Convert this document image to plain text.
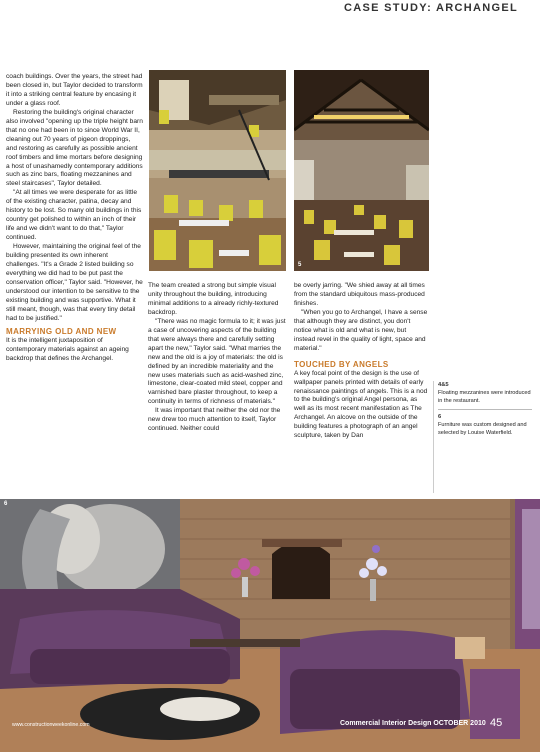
CASE STUDY: ARCHANGEL

coach buildings. Over the years, the street had been closed in, but Taylor decided to transform it into a striking central feature by encasing it under a glass roof.

Restoring the building's original character also involved "opening up the triple height barn that no one had been in to since World War II, cleaning out 70 years of pigeon droppings, and restoring as carefully as possible ancient roof timbers and lime mortars before designing a host of unashamedly contemporary additions such as zinc bars, floating mezzanines and steel staircases", Taylor detailed.

"At all times we were desperate for as little of the existing character, patina, decay and history to be lost. So many old buildings in this country get polished to within an inch of their life and we didn't want to do that," Taylor continued.

However, maintaining the original feel of the building presented its own inherent challenges. "It's a Grade 2 listed building so everything we did had to be put past the conservation officer," Taylor said. "However, he understood our intention to be sensitive to the existing building and was supportive. What it still meant, though, was that every tiny detail had to be justified."

MARRYING OLD AND NEW

It is the intelligent juxtaposition of contemporary materials against an ageing backdrop that defines the Archangel.

5

The team created a strong but simple visual unity throughout the building, introducing minimal additions to a already richly-textured backdrop.

"There was no magic formula to it; it was just a case of uncovering aspects of the building that were always there and carefully setting apart the new," Taylor said. "What marries the new and the old is a joy of materials: the old is defined by an incredible materiality and the new uses materials such as acid-washed zinc, limestone, clear-coated mild steel, copper and varnished bare plaster throughout, to keep a continuity in terms of richness of materials."

It was important that neither the old nor the new drew too much attention to itself, Taylor continued. Neither could

be overly jarring. "We shied away at all times from the standard ubiquitous mass-produced finishes.

"When you go to Archangel, I have a sense that although they are distinct, you don't notice what is old and what is new, but instead revel in the quality of light, space and material."

TOUCHED BY ANGELS

A key focal point of the design is the use of wallpaper panels printed with details of early renaissance paintings of angels. This is a nod to the building's original Angel persona, as well as its most recent manifestation as The Archangel. An alcove on the outside of the building features a photograph of an angel sculpture, taken by Dan

4&5
Floating mezzanines were introduced in the restaurant.
6
Furniture was custom designed and selected by Louise Waterfield.
6
www.constructionweekonline.com	Commercial Interior Design OCTOBER 2010 45
